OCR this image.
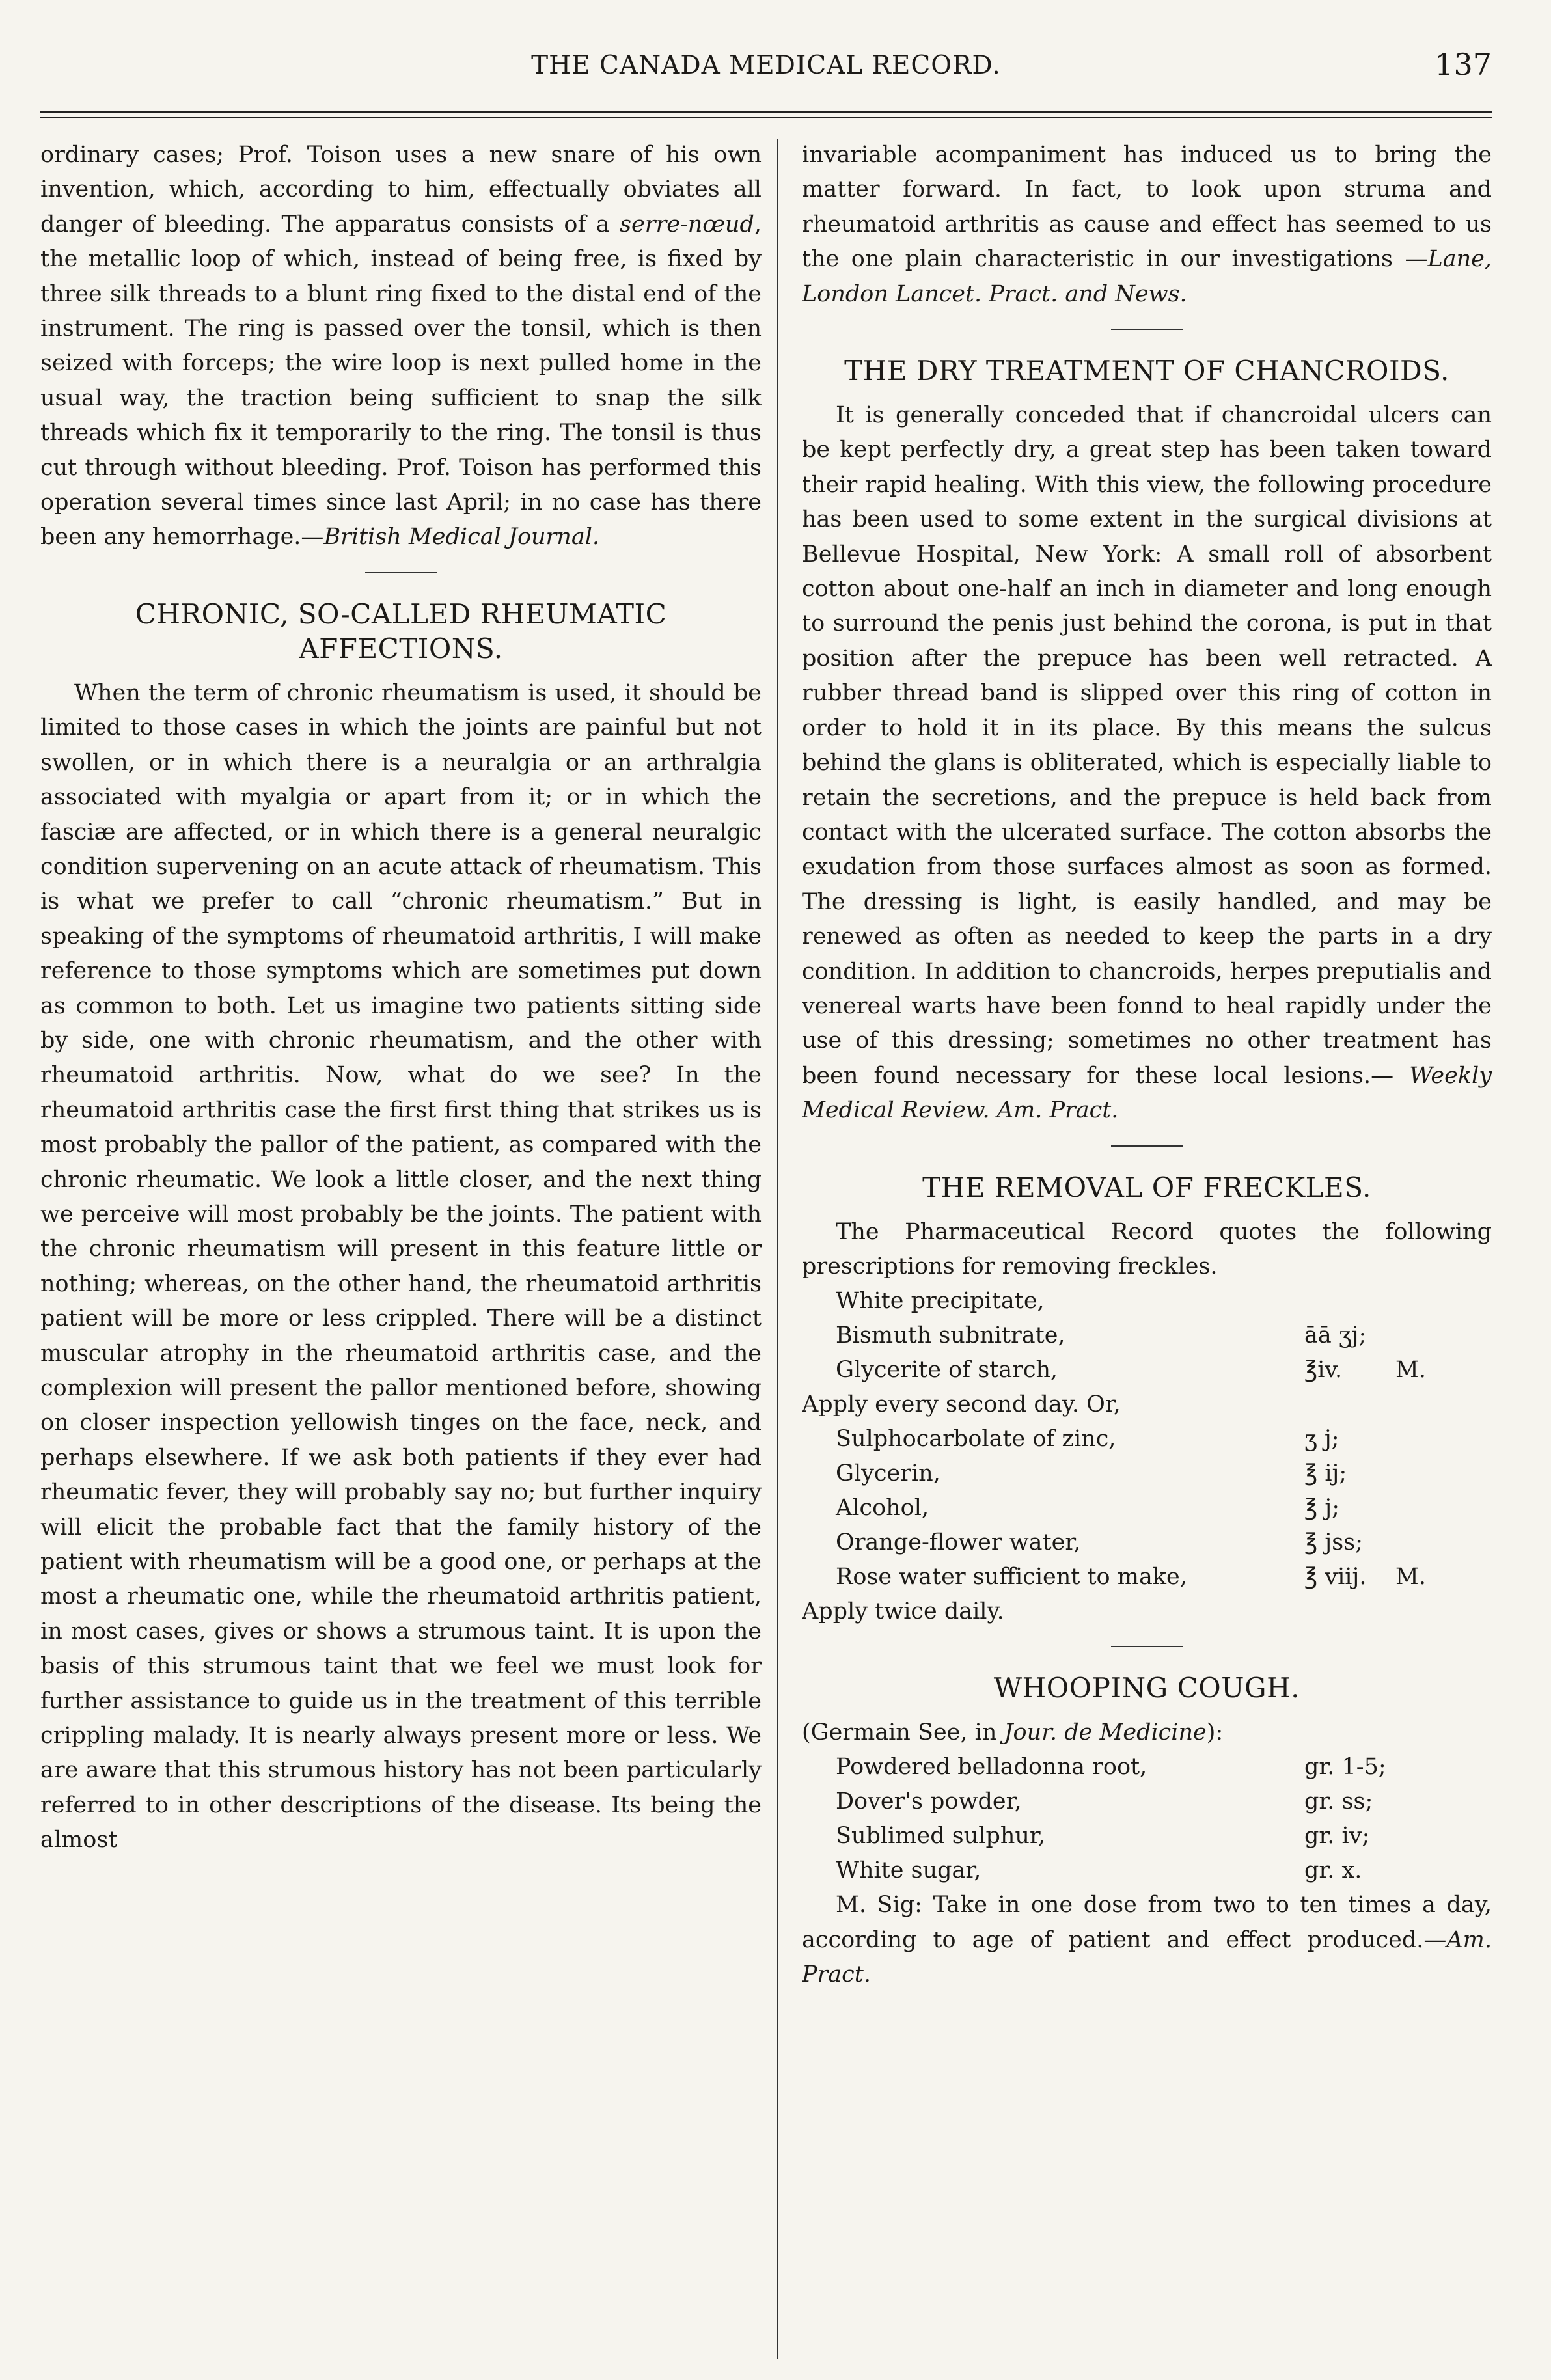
THE CANADA MEDICAL RECORD.	137

ordinary cases; Prof. Toison uses a new snare of his own invention, which, according to him, effectually obviates all danger of bleeding. The apparatus consists of a serre-nœud, the metallic loop of which, instead of being free, is fixed by three silk threads to a blunt ring fixed to the distal end of the instrument. The ring is passed over the tonsil, which is then seized with forceps; the wire loop is next pulled home in the usual way, the traction being sufficient to snap the silk threads which fix it temporarily to the ring. The tonsil is thus cut through without bleeding. Prof. Toison has performed this operation several times since last April; in no case has there been any hemorrhage.—British Medical Journal.

CHRONIC, SO-CALLED RHEUMATIC AFFECTIONS.

When the term of chronic rheumatism is used, it should be limited to those cases in which the joints are painful but not swollen, or in which there is a neuralgia or an arthralgia associated with myalgia or apart from it; or in which the fasciæ are affected, or in which there is a general neuralgic condition supervening on an acute attack of rheumatism. This is what we prefer to call “chronic rheumatism.” But in speaking of the symptoms of rheumatoid arthritis, I will make reference to those symptoms which are sometimes put down as common to both. Let us imagine two patients sitting side by side, one with chronic rheumatism, and the other with rheumatoid arthritis. Now, what do we see? In the rheumatoid arthritis case the first first thing that strikes us is most probably the pallor of the patient, as compared with the chronic rheumatic. We look a little closer, and the next thing we perceive will most probably be the joints. The patient with the chronic rheumatism will present in this feature little or nothing; whereas, on the other hand, the rheumatoid arthritis patient will be more or less crippled. There will be a distinct muscular atrophy in the rheumatoid arthritis case, and the complexion will present the pallor mentioned before, showing on closer inspection yellowish tinges on the face, neck, and perhaps elsewhere. If we ask both patients if they ever had rheumatic fever, they will probably say no; but further inquiry will elicit the probable fact that the family history of the patient with rheumatism will be a good one, or perhaps at the most a rheumatic one, while the rheumatoid arthritis patient, in most cases, gives or shows a strumous taint. It is upon the basis of this strumous taint that we feel we must look for further assistance to guide us in the treatment of this terrible crippling malady. It is nearly always present more or less. We are aware that this strumous history has not been particularly referred to in other descriptions of the disease. Its being the almost

invariable acompaniment has induced us to bring the matter forward. In fact, to look upon struma and rheumatoid arthritis as cause and effect has seemed to us the one plain characteristic in our investigations —Lane, London Lancet. Pract. and News.

THE DRY TREATMENT OF CHANCROIDS.

It is generally conceded that if chancroidal ulcers can be kept perfectly dry, a great step has been taken toward their rapid healing. With this view, the following procedure has been used to some extent in the surgical divisions at Bellevue Hospital, New York: A small roll of absorbent cotton about one-half an inch in diameter and long enough to surround the penis just behind the corona, is put in that position after the prepuce has been well retracted. A rubber thread band is slipped over this ring of cotton in order to hold it in its place. By this means the sulcus behind the glans is obliterated, which is especially liable to retain the secretions, and the prepuce is held back from contact with the ulcerated surface. The cotton absorbs the exudation from those surfaces almost as soon as formed. The dressing is light, is easily handled, and may be renewed as often as needed to keep the parts in a dry condition. In addition to chancroids, herpes preputialis and venereal warts have been fonnd to heal rapidly under the use of this dressing; sometimes no other treatment has been found necessary for these local lesions.— Weekly Medical Review. Am. Pract.

THE REMOVAL OF FRECKLES.

The Pharmaceutical Record quotes the following prescriptions for removing freckles.

White precipitate,
Bismuth subnitrate,	āā ʒj;
Glycerite of starch,	℥iv.	M.
Apply every second day. Or,
Sulphocarbolate of zinc,	ʒ j;
Glycerin,	℥ ij;
Alcohol,	℥ j;
Orange-flower water,	℥ jss;
Rose water sufficient to make,	℥ viij.	M.
Apply twice daily.
WHOOPING COUGH.
(Germain See, in Jour. de Medicine):
Powdered belladonna root,	gr. 1-5;
Dover's powder,	gr. ss;
Sublimed sulphur,	gr. iv;
White sugar,	gr. x.

M. Sig: Take in one dose from two to ten times a day, according to age of patient and effect produced.—Am. Pract.
